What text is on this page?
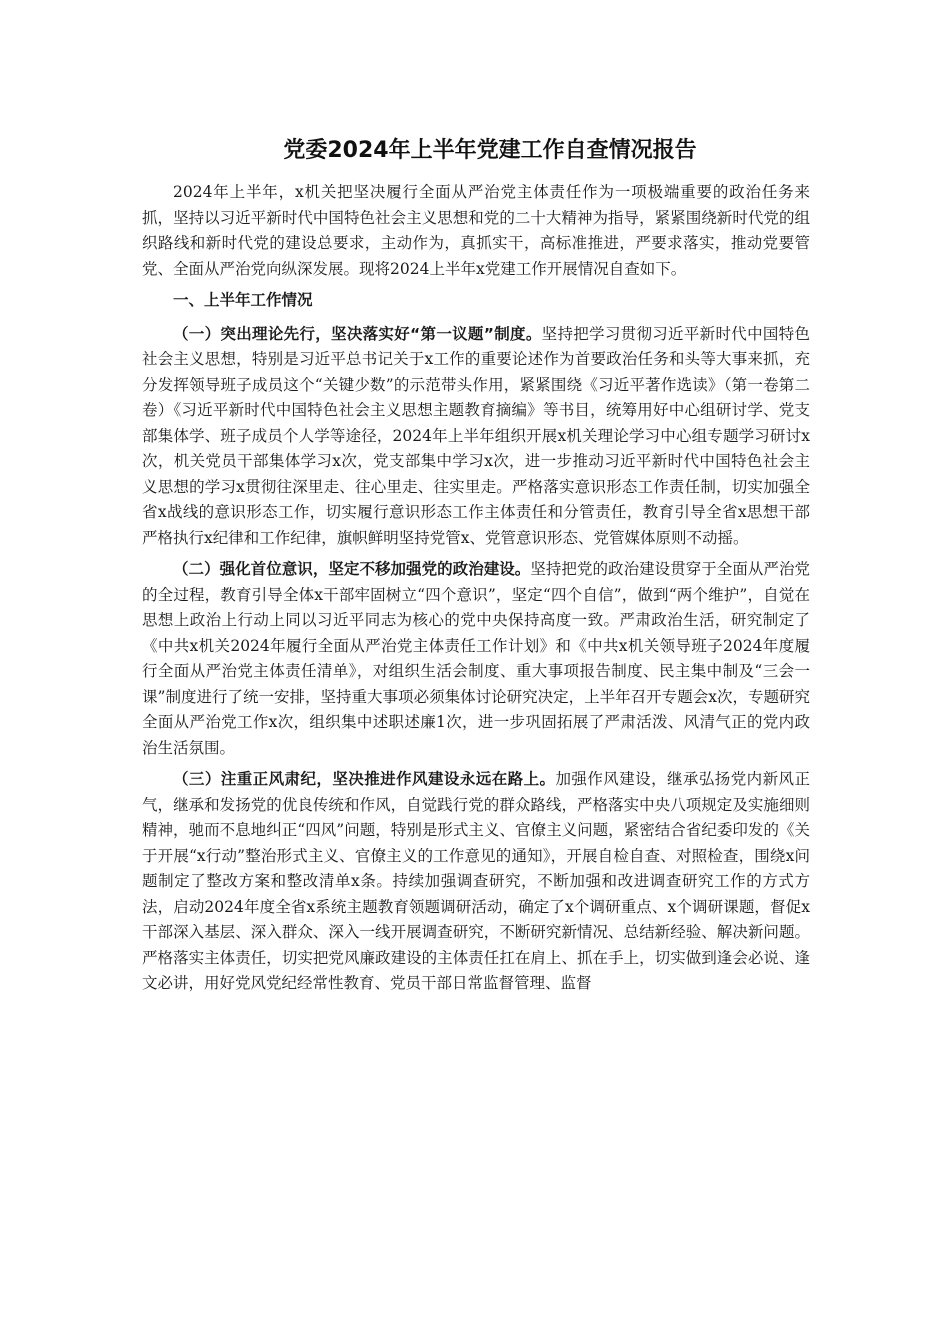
党委2024年上半年党建工作自查情况报告

2024年上半年，x机关把坚决履行全面从严治党主体责任作为一项极端重要的政治任务来抓，坚持以习近平新时代中国特色社会主义思想和党的二十大精神为指导，紧紧围绕新时代党的组织路线和新时代党的建设总要求，主动作为，真抓实干，高标准推进，严要求落实，推动党要管党、全面从严治党向纵深发展。现将2024上半年x党建工作开展情况自查如下。

一、上半年工作情况

（一）突出理论先行，坚决落实好“第一议题”制度。坚持把学习贯彻习近平新时代中国特色社会主义思想，特别是习近平总书记关于x工作的重要论述作为首要政治任务和头等大事来抓，充分发挥领导班子成员这个“关键少数”的示范带头作用，紧紧围绕《习近平著作选读》（第一卷第二卷）《习近平新时代中国特色社会主义思想主题教育摘编》等书目，统筹用好中心组研讨学、党支部集体学、班子成员个人学等途径，2024年上半年组织开展x机关理论学习中心组专题学习研讨x次，机关党员干部集体学习x次，党支部集中学习x次，进一步推动习近平新时代中国特色社会主义思想的学习x贯彻往深里走、往心里走、往实里走。严格落实意识形态工作责任制，切实加强全省x战线的意识形态工作，切实履行意识形态工作主体责任和分管责任，教育引导全省x思想干部严格执行x纪律和工作纪律，旗帜鲜明坚持党管x、党管意识形态、党管媒体原则不动摇。

（二）强化首位意识，坚定不移加强党的政治建设。坚持把党的政治建设贯穿于全面从严治党的全过程，教育引导全体x干部牢固树立“四个意识”，坚定“四个自信”，做到“两个维护”，自觉在思想上政治上行动上同以习近平同志为核心的党中央保持高度一致。严肃政治生活，研究制定了《中共x机关2024年履行全面从严治党主体责任工作计划》和《中共x机关领导班子2024年度履行全面从严治党主体责任清单》，对组织生活会制度、重大事项报告制度、民主集中制及“三会一课”制度进行了统一安排，坚持重大事项必须集体讨论研究决定，上半年召开专题会x次，专题研究全面从严治党工作x次，组织集中述职述廉1次，进一步巩固拓展了严肃活泼、风清气正的党内政治生活氛围。

（三）注重正风肃纪，坚决推进作风建设永远在路上。加强作风建设，继承弘扬党内新风正气，继承和发扬党的优良传统和作风，自觉践行党的群众路线，严格落实中央八项规定及实施细则精神，驰而不息地纠正“四风”问题，特别是形式主义、官僚主义问题，紧密结合省纪委印发的《关于开展“x行动”整治形式主义、官僚主义的工作意见的通知》，开展自检自查、对照检查，围绕x问题制定了整改方案和整改清单x条。持续加强调查研究，不断加强和改进调查研究工作的方式方法，启动2024年度全省x系统主题教育领题调研活动，确定了x个调研重点、x个调研课题，督促x干部深入基层、深入群众、深入一线开展调查研究，不断研究新情况、总结新经验、解决新问题。严格落实主体责任，切实把党风廉政建设的主体责任扛在肩上、抓在手上，切实做到逢会必说、逢文必讲，用好党风党纪经常性教育、党员干部日常监督管理、监督
